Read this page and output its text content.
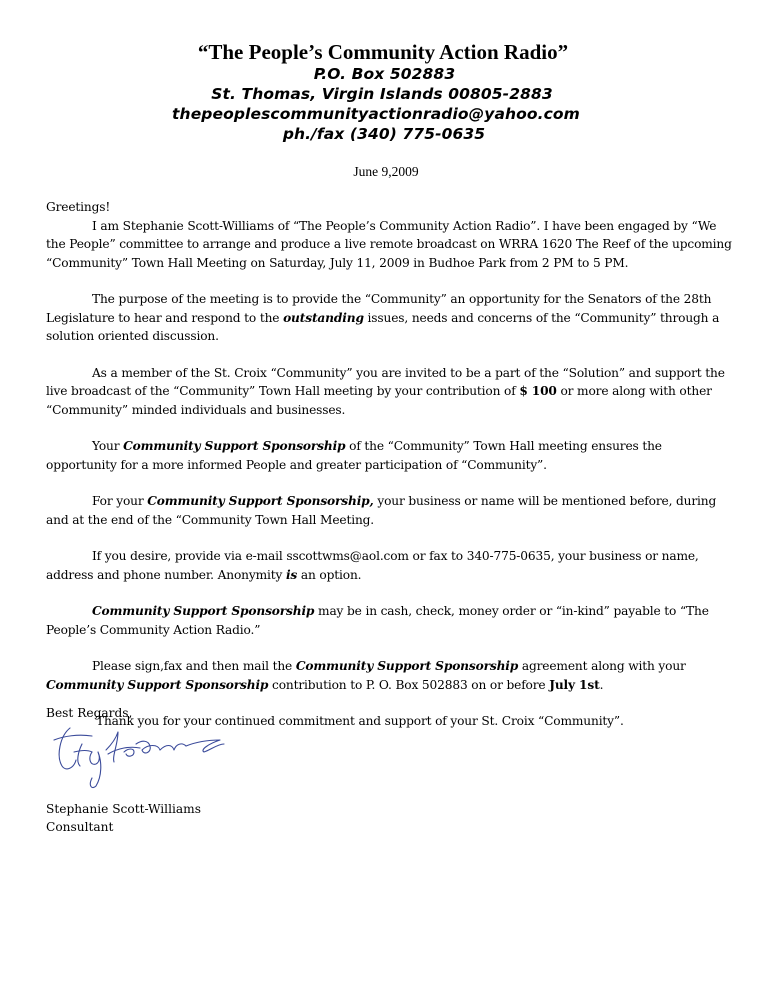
“The People’s Community Action Radio”
P.O. Box 502883
St. Thomas, Virgin Islands 00805-2883
thepeoplescommunityactionradio@yahoo.com
ph./fax (340) 775-0635
June 9,2009

Greetings!

I am Stephanie Scott-Williams of “The People’s Community Action Radio”. I have been engaged by “We the People” committee to arrange and produce a live remote broadcast on WRRA 1620 The Reef of the upcoming “Community” Town Hall Meeting on Saturday, July 11, 2009 in Budhoe Park from 2 PM to 5 PM.

The purpose of the meeting is to provide the “Community” an opportunity for the Senators of the 28th Legislature to hear and respond to the outstanding issues, needs and concerns of the “Community” through a solution oriented discussion.

As a member of the St. Croix “Community” you are invited to be a part of the “Solution” and support the live broadcast of the “Community” Town Hall meeting by your contribution of $ 100 or more along with other “Community” minded individuals and businesses.

Your Community Support Sponsorship of the “Community” Town Hall meeting ensures the opportunity for a more informed People and greater participation of “Community”.

For your Community Support Sponsorship, your business or name will be mentioned before, during and at the end of the “Community Town Hall Meeting.

If you desire, provide via e-mail sscottwms@aol.com or fax to 340-775-0635, your business or name, address and phone number. Anonymity is an option.

Community Support Sponsorship may be in cash, check, money order or “in-kind” payable to “The People’s Community Action Radio.”

Please sign,fax and then mail the Community Support Sponsorship agreement along with your Community Support Sponsorship contribution to P. O. Box 502883 on or before July 1st.

Thank you for your continued commitment and support of your St. Croix “Community”.

Best Regards,
Stephanie Scott-Williams
Consultant
